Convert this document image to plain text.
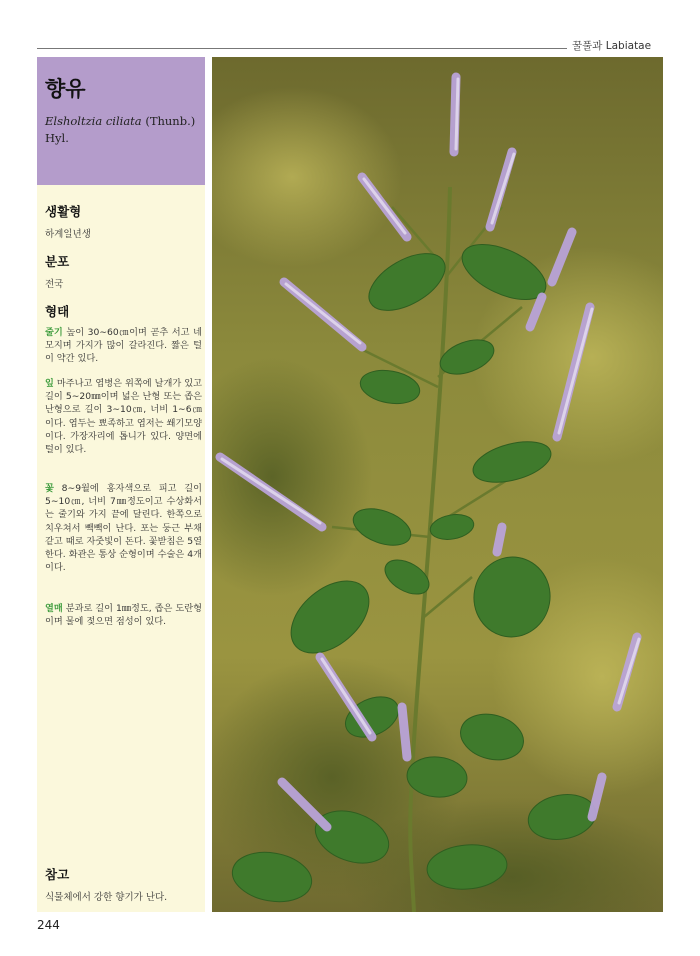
꿀풀과 Labiatae
향유
Elsholtzia ciliata (Thunb.) Hyl.
생활형

하계일년생

분포

전국

형태

줄기 높이 30∼60㎝이며 곧추 서고 네모지며 가지가 많이 갈라진다. 짧은 털이 약간 있다.

잎 마주나고 엽병은 위쪽에 날개가 있고 길이 5∼20㎜이며 넓은 난형 또는 좁은 난형으로 길이 3∼10㎝, 너비 1∼6㎝이다. 엽두는 뾰족하고 엽저는 쐐기모양이다. 가장자리에 톱니가 있다. 양면에 털이 있다.

꽃 8∼9월에 홍자색으로 피고 길이 5∼10㎝, 너비 7㎜정도이고 수상화서는 줄기와 가지 끝에 달린다. 한쪽으로 치우쳐서 빽빽이 난다. 포는 둥근 부채같고 때로 자줏빛이 돈다. 꽃받침은 5열한다. 화관은 통상 순형이며 수술은 4개이다.

열매 분과로 길이 1㎜정도, 좁은 도란형이며 물에 젖으면 점성이 있다.

참고

식물체에서 강한 향기가 난다.

244
